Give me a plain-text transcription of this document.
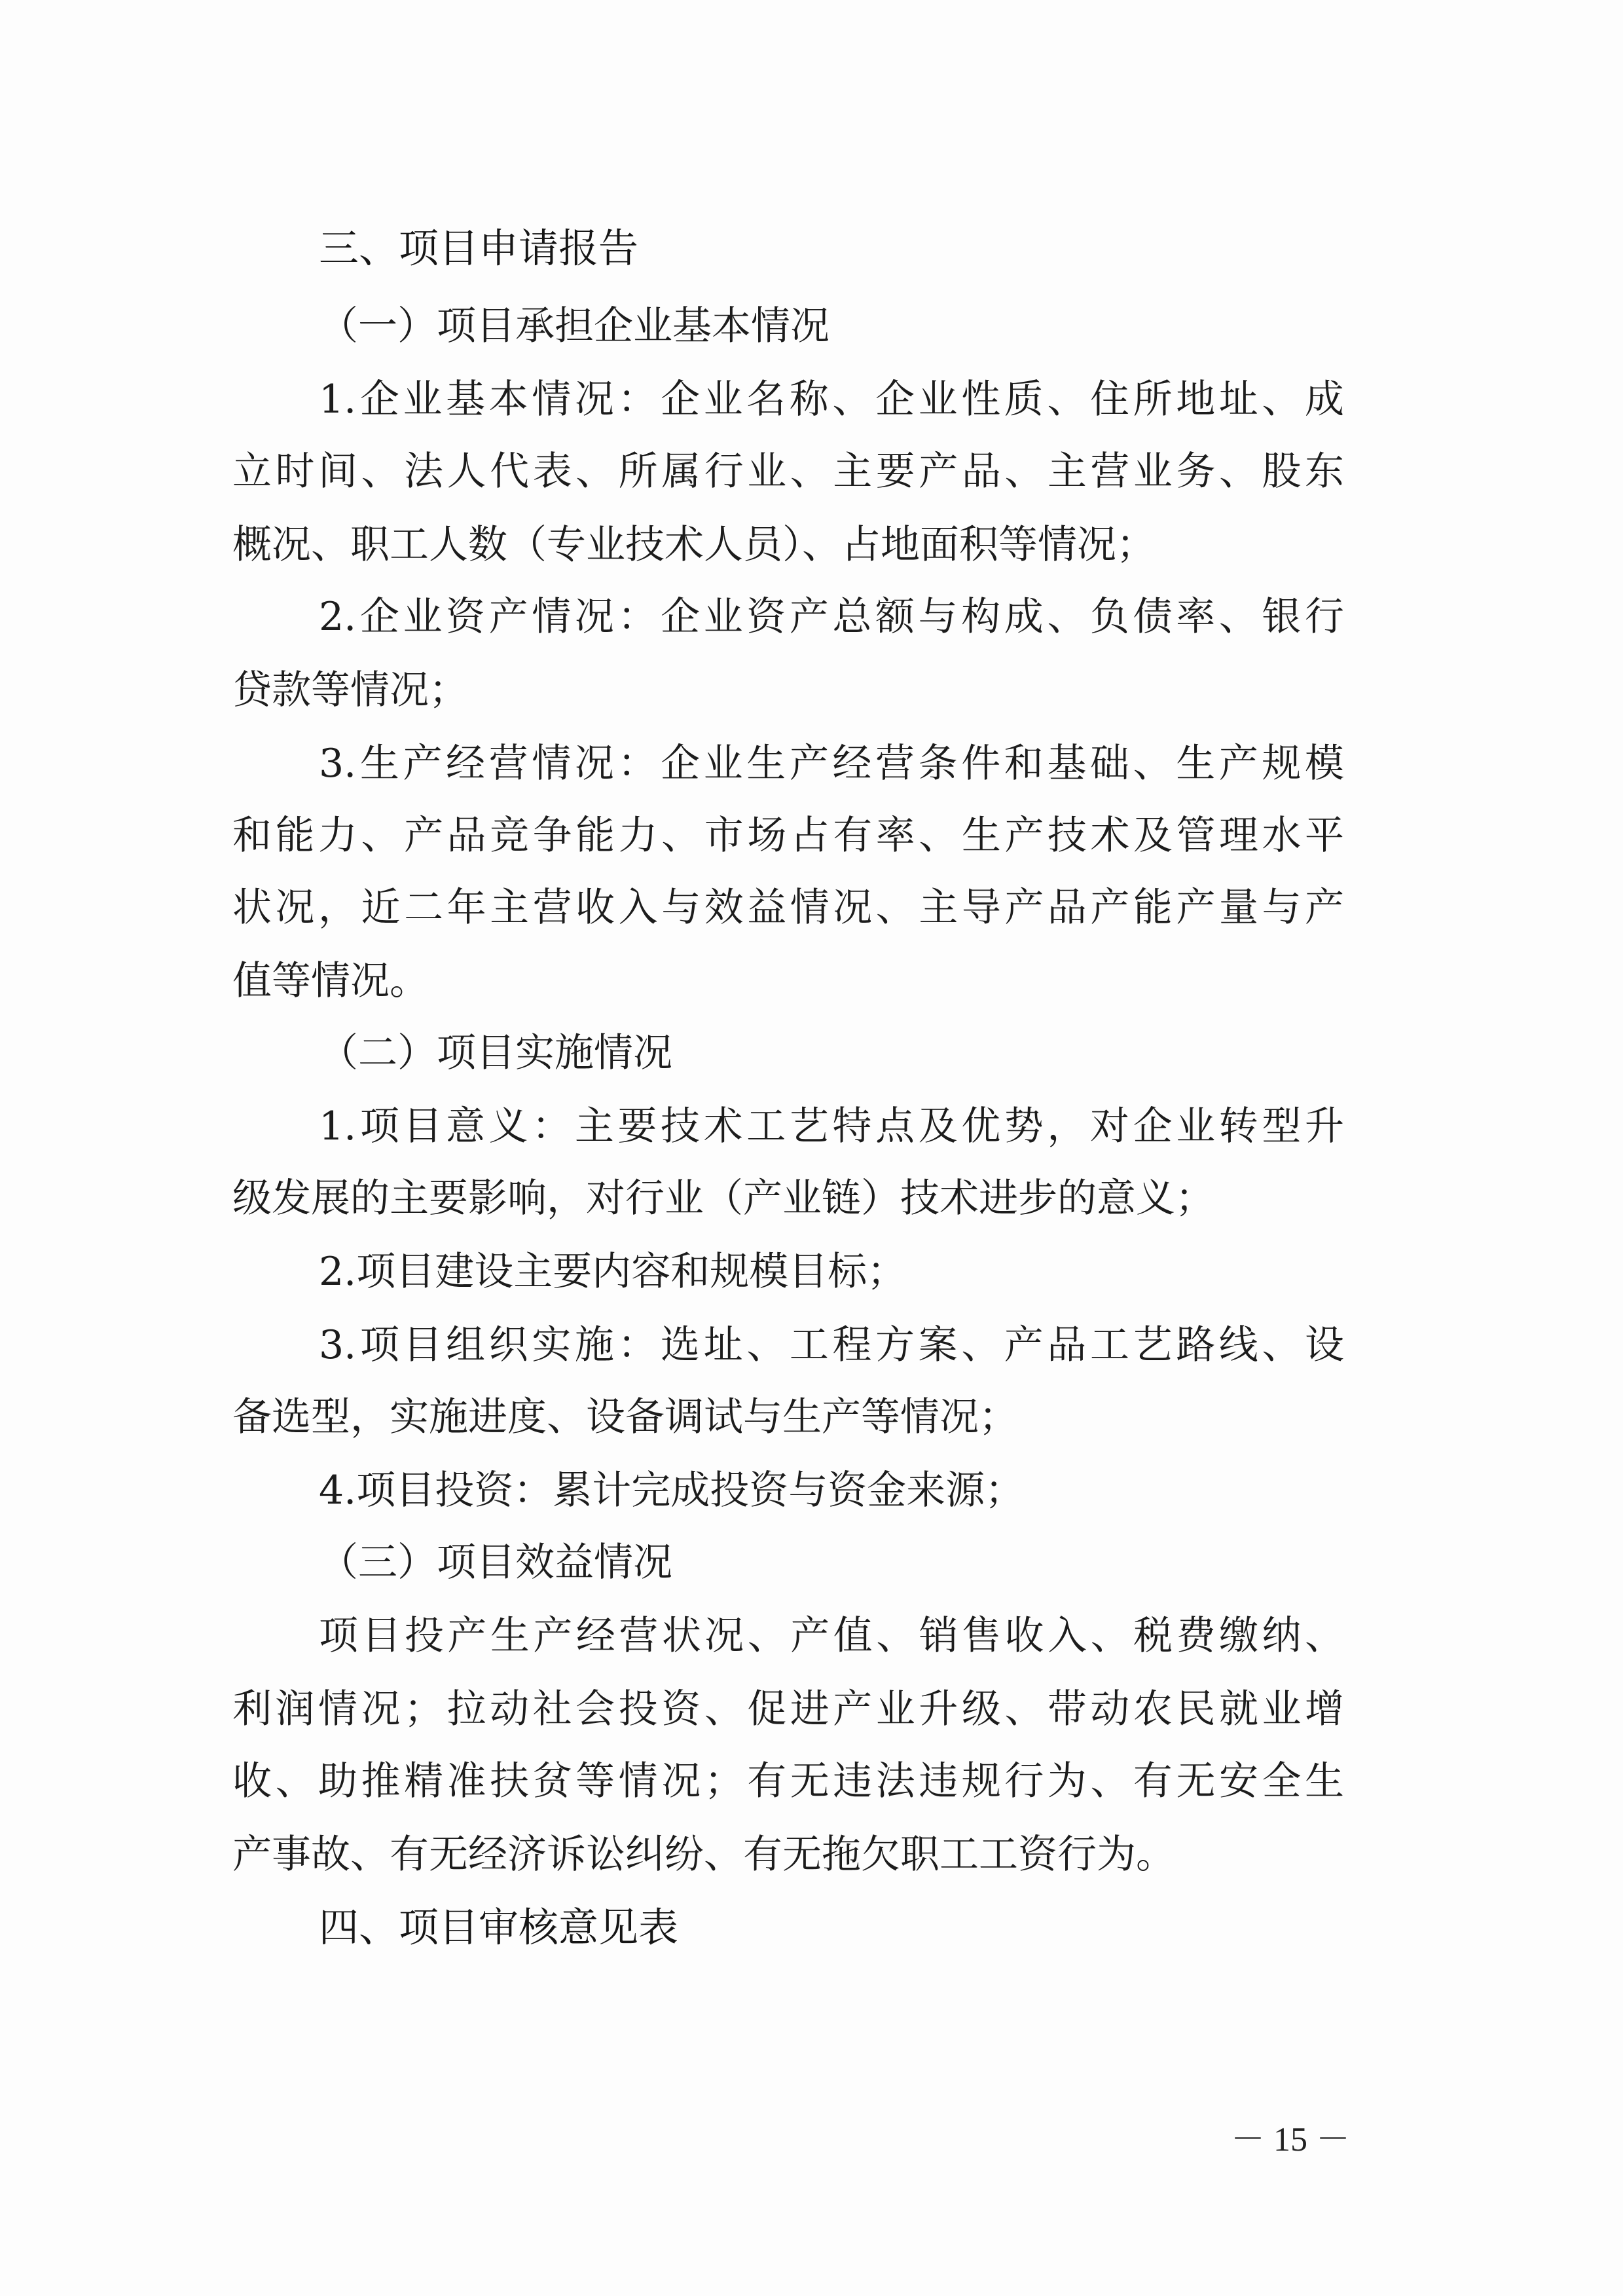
三、项目申请报告
（一）项目承担企业基本情况
1.企业基本情况：企业名称、企业性质、住所地址、成
立时间、法人代表、所属行业、主要产品、主营业务、股东
概况、职工人数（专业技术人员）、占地面积等情况；
2.企业资产情况：企业资产总额与构成、负债率、银行
贷款等情况；
3.生产经营情况：企业生产经营条件和基础、生产规模
和能力、产品竞争能力、市场占有率、生产技术及管理水平
状况，近二年主营收入与效益情况、主导产品产能产量与产
值等情况。
（二）项目实施情况
1.项目意义：主要技术工艺特点及优势，对企业转型升
级发展的主要影响，对行业（产业链）技术进步的意义；
2.项目建设主要内容和规模目标；
3.项目组织实施：选址、工程方案、产品工艺路线、设
备选型，实施进度、设备调试与生产等情况；
4.项目投资：累计完成投资与资金来源；
（三）项目效益情况
项目投产生产经营状况、产值、销售收入、税费缴纳、
利润情况；拉动社会投资、促进产业升级、带动农民就业增
收、助推精准扶贫等情况；有无违法违规行为、有无安全生
产事故、有无经济诉讼纠纷、有无拖欠职工工资行为。
四、项目审核意见表
－ 15 －
